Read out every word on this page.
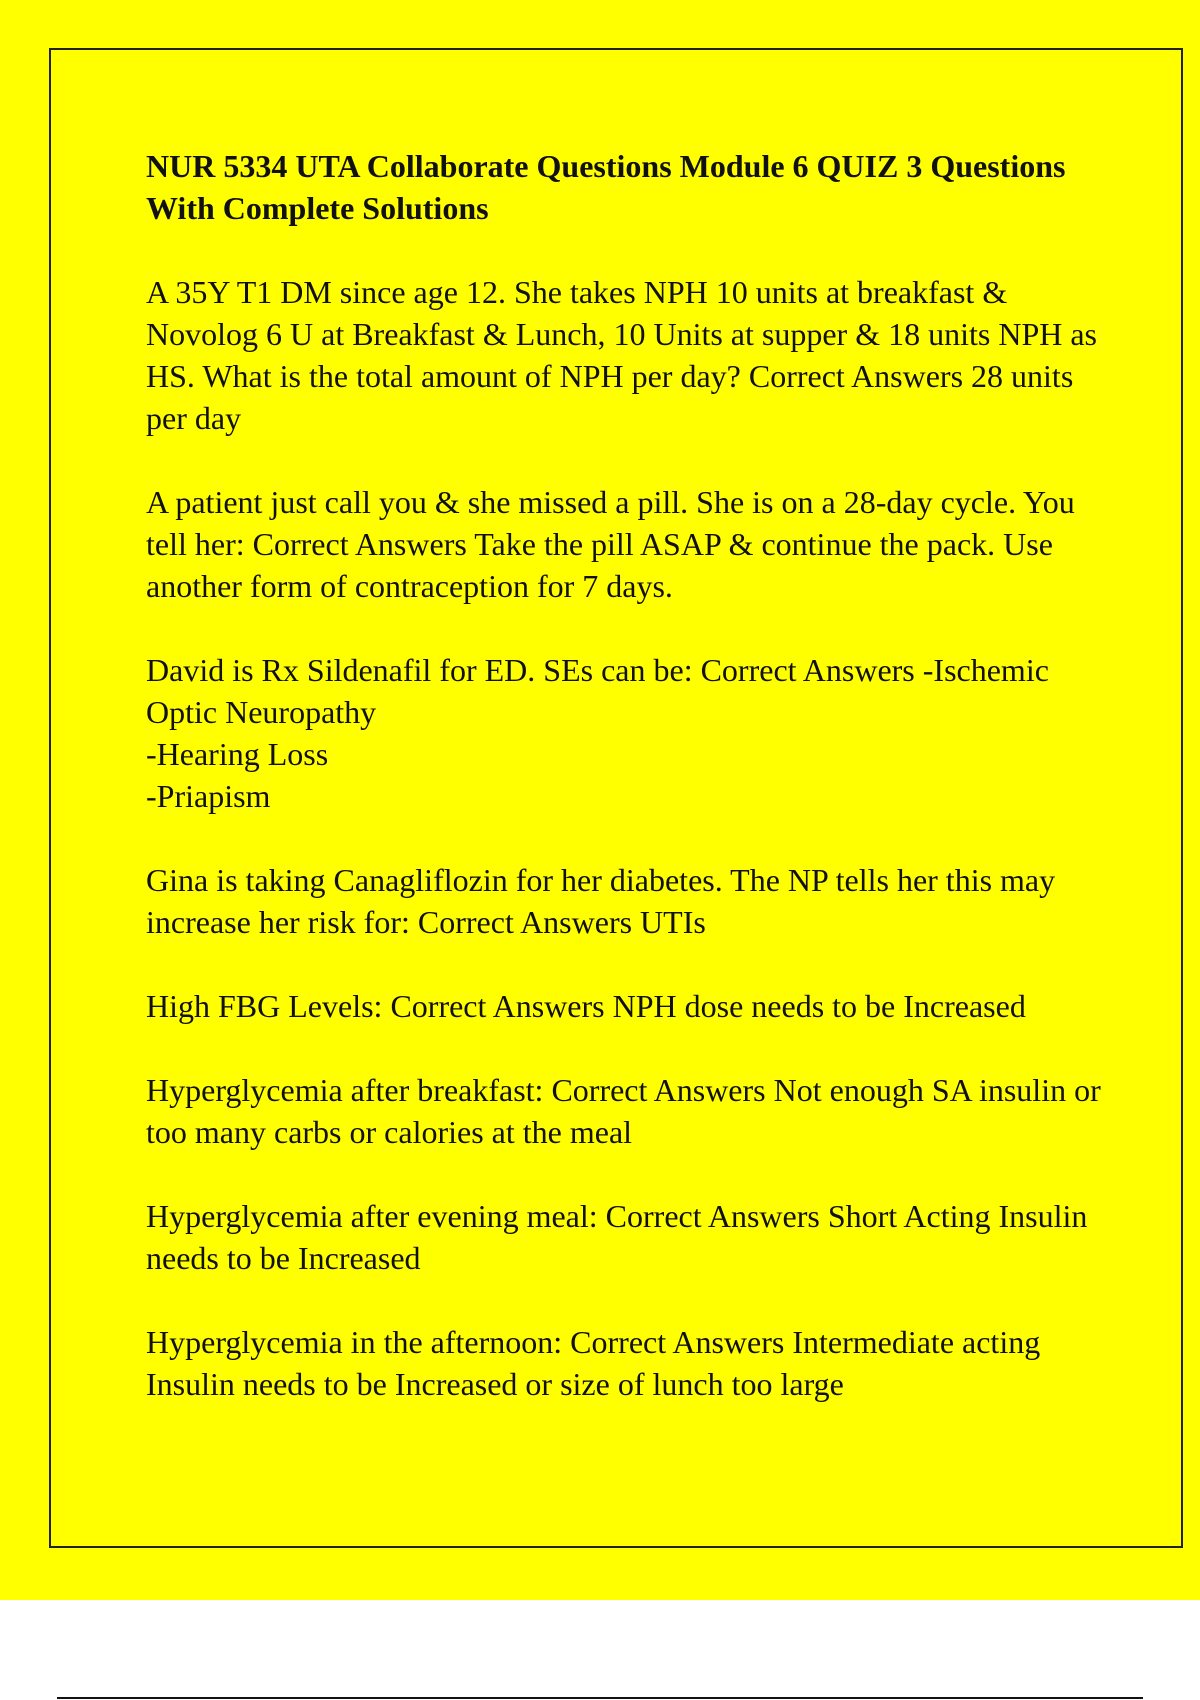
NUR 5334 UTA Collaborate Questions Module 6 QUIZ 3 Questions With Complete Solutions
A 35Y T1 DM since age 12. She takes NPH 10 units at breakfast & Novolog 6 U at Breakfast & Lunch, 10 Units at supper & 18 units NPH as HS. What is the total amount of NPH per day? Correct Answers 28 units per day
A patient just call you & she missed a pill. She is on a 28-day cycle. You tell her: Correct Answers Take the pill ASAP & continue the pack. Use another form of contraception for 7 days.
David is Rx Sildenafil for ED. SEs can be: Correct Answers -Ischemic Optic Neuropathy
-Hearing Loss
-Priapism
Gina is taking Canagliflozin for her diabetes. The NP tells her this may increase her risk for: Correct Answers UTIs
High FBG Levels: Correct Answers NPH dose needs to be Increased
Hyperglycemia after breakfast: Correct Answers Not enough SA insulin or too many carbs or calories at the meal
Hyperglycemia after evening meal: Correct Answers Short Acting Insulin needs to be Increased
Hyperglycemia in the afternoon: Correct Answers Intermediate acting Insulin needs to be Increased or size of lunch too large
